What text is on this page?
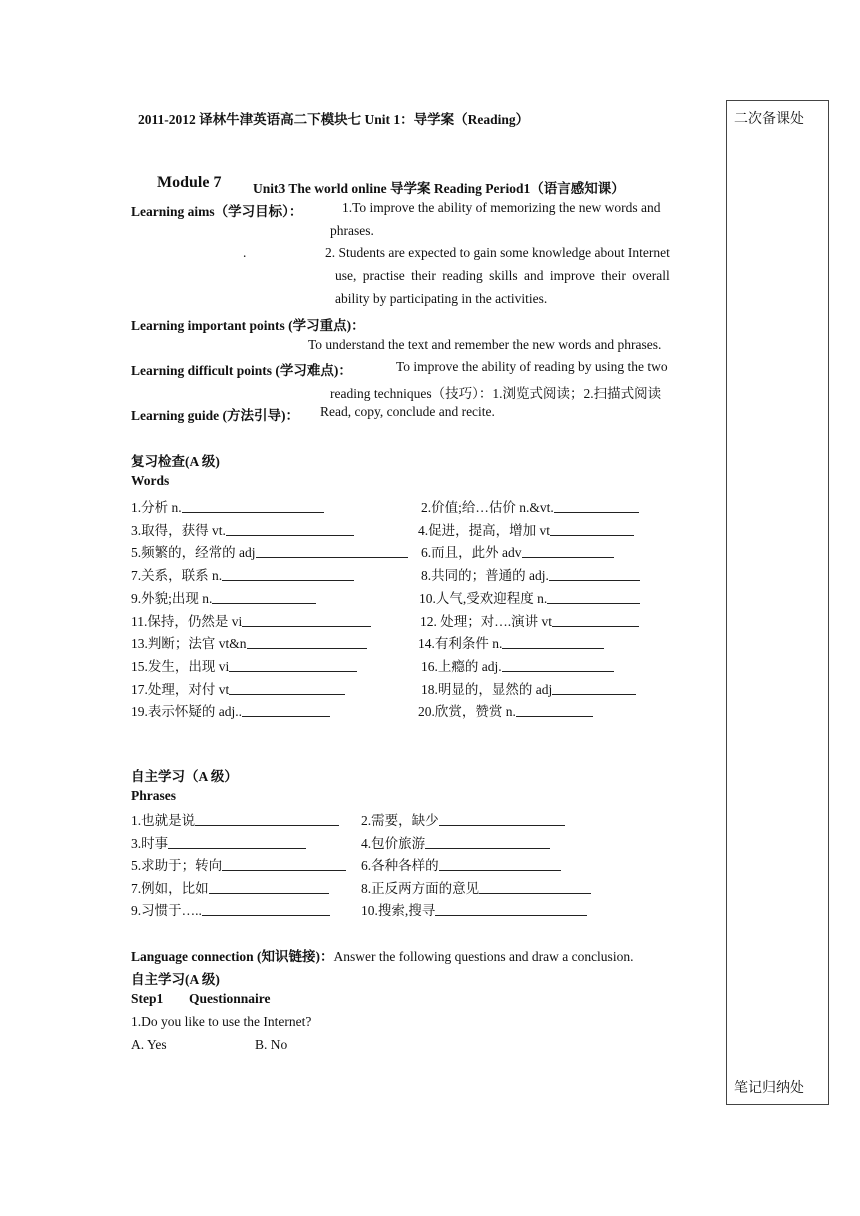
2011-2012 译林牛津英语高二下模块七 Unit 1：导学案（Reading）	二次备课处
笔记归纳处
Module 7 Unit3 The world online 导学案 Reading Period1（语言感知课）
Learning aims（学习目标）：	1.To improve the ability of memorizing the new words and
phrases.
.	2. Students are expected to gain some knowledge about Internet
use, practise their reading skills and improve their overall
ability by participating in the activities.
Learning important points (学习重点)：
To understand the text and remember the new words and phrases.
Learning difficult points (学习难点)：	To improve the ability of reading by using the two
reading techniques（技巧）：1.浏览式阅读；2.扫描式阅读
Learning guide (方法引导)： Read, copy, conclude and recite.
复习检查(A 级)
Words
1.分析 n.	2.价值;给…估价 n.&vt.
3.取得，获得 vt.	4.促进，提高，增加 vt
5.频繁的，经常的 adj	6.而且，此外 adv
7.关系，联系 n.	8.共同的；普通的 adj.
9.外貌;出现 n.	10.人气,受欢迎程度 n.
11.保持，仍然是 vi	12. 处理；对….演讲 vt
13.判断；法官 vt&n	14.有利条件 n.
15.发生，出现 vi	16.上瘾的 adj.
17.处理，对付 vt	18.明显的，显然的 adj
19.表示怀疑的 adj..	20.欣赏，赞赏 n.
自主学习（A 级）
Phrases
1.也就是说	2.需要，缺少
3.时事	4.包价旅游
5.求助于；转向	6.各种各样的
7.例如，比如	8.正反两方面的意见
9.习惯于…..	10.搜索,搜寻
Language connection (知识链接)：Answer the following questions and draw a conclusion.
自主学习(A 级)
Step1 Questionnaire
1.Do you like to use the Internet?
A. Yes	B. No
